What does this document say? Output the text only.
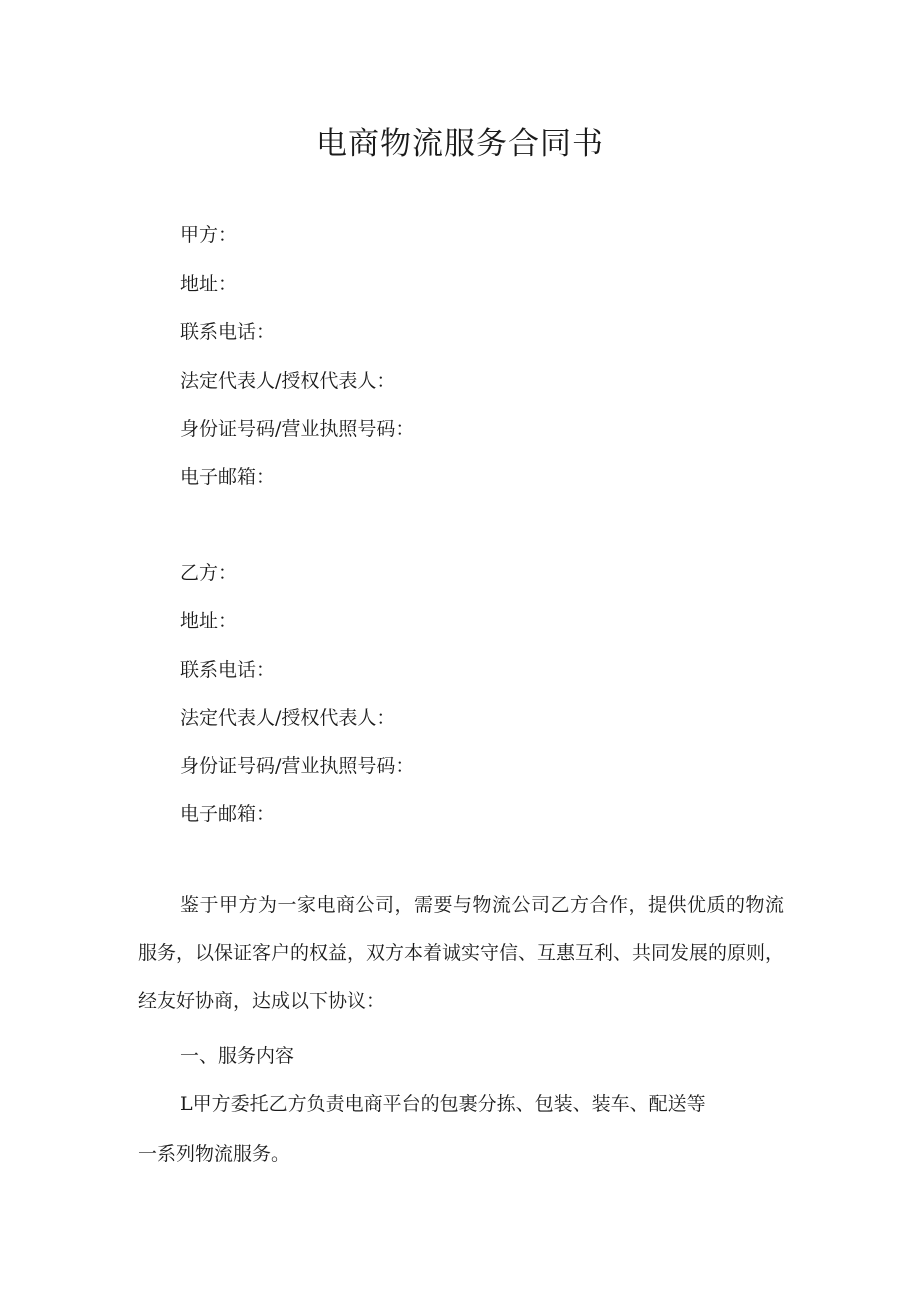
电商物流服务合同书
甲方：
地址：
联系电话：
法定代表人/授权代表人：
身份证号码/营业执照号码：
电子邮箱：
乙方：
地址：
联系电话：
法定代表人/授权代表人：
身份证号码/营业执照号码：
电子邮箱：
鉴于甲方为一家电商公司，需要与物流公司乙方合作，提供优质的物流服务，以保证客户的权益，双方本着诚实守信、互惠互利、共同发展的原则，经友好协商，达成以下协议：
一、服务内容
L甲方委托乙方负责电商平台的包裹分拣、包装、装车、配送等
一系列物流服务。
